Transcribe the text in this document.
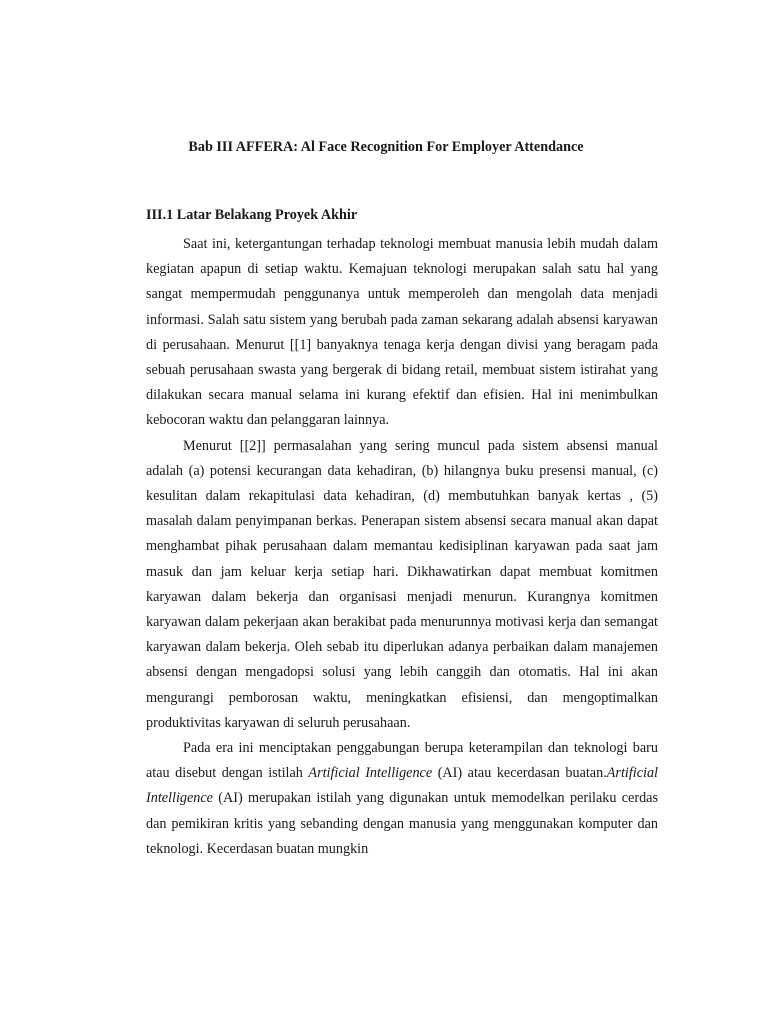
Bab III AFFERA: Al Face Recognition For Employer Attendance
III.1 Latar Belakang Proyek Akhir

Saat ini, ketergantungan terhadap teknologi membuat manusia lebih mudah dalam kegiatan apapun di setiap waktu. Kemajuan teknologi merupakan salah satu hal yang sangat mempermudah penggunanya untuk memperoleh dan mengolah data menjadi informasi. Salah satu sistem yang berubah pada zaman sekarang adalah absensi karyawan di perusahaan. Menurut [[1] banyaknya tenaga kerja dengan divisi yang beragam pada sebuah perusahaan swasta yang bergerak di bidang retail, membuat sistem istirahat yang dilakukan secara manual selama ini kurang efektif dan efisien. Hal ini menimbulkan kebocoran waktu dan pelanggaran lainnya.

Menurut [[2]] permasalahan yang sering muncul pada sistem absensi manual adalah (a) potensi kecurangan data kehadiran, (b) hilangnya buku presensi manual, (c) kesulitan dalam rekapitulasi data kehadiran, (d) membutuhkan banyak kertas , (5) masalah dalam penyimpanan berkas. Penerapan sistem absensi secara manual akan dapat menghambat pihak perusahaan dalam memantau kedisiplinan karyawan pada saat jam masuk dan jam keluar kerja setiap hari. Dikhawatirkan dapat membuat komitmen karyawan dalam bekerja dan organisasi menjadi menurun. Kurangnya komitmen karyawan dalam pekerjaan akan berakibat pada menurunnya motivasi kerja dan semangat karyawan dalam bekerja. Oleh sebab itu diperlukan adanya perbaikan dalam manajemen absensi dengan mengadopsi solusi yang lebih canggih dan otomatis. Hal ini akan mengurangi pemborosan waktu, meningkatkan efisiensi, dan mengoptimalkan produktivitas karyawan di seluruh perusahaan.

Pada era ini menciptakan penggabungan berupa keterampilan dan teknologi baru atau disebut dengan istilah Artificial Intelligence (AI) atau kecerdasan buatan.Artificial Intelligence (AI) merupakan istilah yang digunakan untuk memodelkan perilaku cerdas dan pemikiran kritis yang sebanding dengan manusia yang menggunakan komputer dan teknologi. Kecerdasan buatan mungkin
